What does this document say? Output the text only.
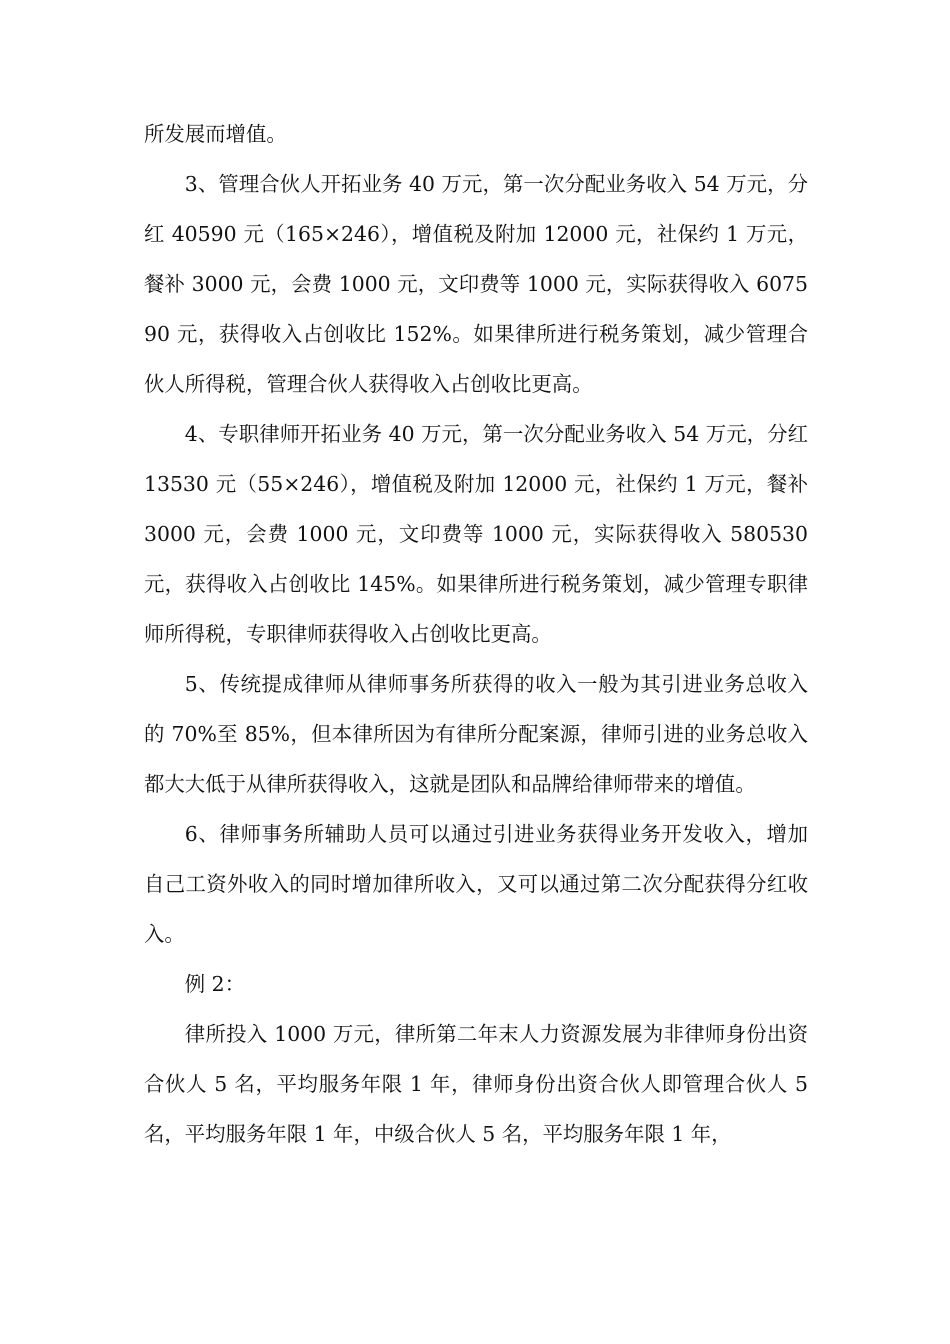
所发展而增值。

3、管理合伙人开拓业务 40 万元，第一次分配业务收入 54 万元，分红 40590 元（165×246），增值税及附加 12000 元，社保约 1 万元，餐补 3000 元，会费 1000 元，文印费等 1000 元，实际获得收入 607590 元，获得收入占创收比 152%。如果律所进行税务策划，减少管理合伙人所得税，管理合伙人获得收入占创收比更高。

4、专职律师开拓业务 40 万元，第一次分配业务收入 54 万元，分红 13530 元（55×246），增值税及附加 12000 元，社保约 1 万元，餐补 3000 元，会费 1000 元，文印费等 1000 元，实际获得收入 580530 元，获得收入占创收比 145%。如果律所进行税务策划，减少管理专职律师所得税，专职律师获得收入占创收比更高。

5、传统提成律师从律师事务所获得的收入一般为其引进业务总收入的 70%至 85%，但本律所因为有律所分配案源，律师引进的业务总收入都大大低于从律所获得收入，这就是团队和品牌给律师带来的增值。

6、律师事务所辅助人员可以通过引进业务获得业务开发收入，增加自己工资外收入的同时增加律所收入，又可以通过第二次分配获得分红收入。

例 2：

律所投入 1000 万元，律所第二年末人力资源发展为非律师身份出资合伙人 5 名，平均服务年限 1 年，律师身份出资合伙人即管理合伙人 5 名，平均服务年限 1 年，中级合伙人 5 名，平均服务年限 1 年，
